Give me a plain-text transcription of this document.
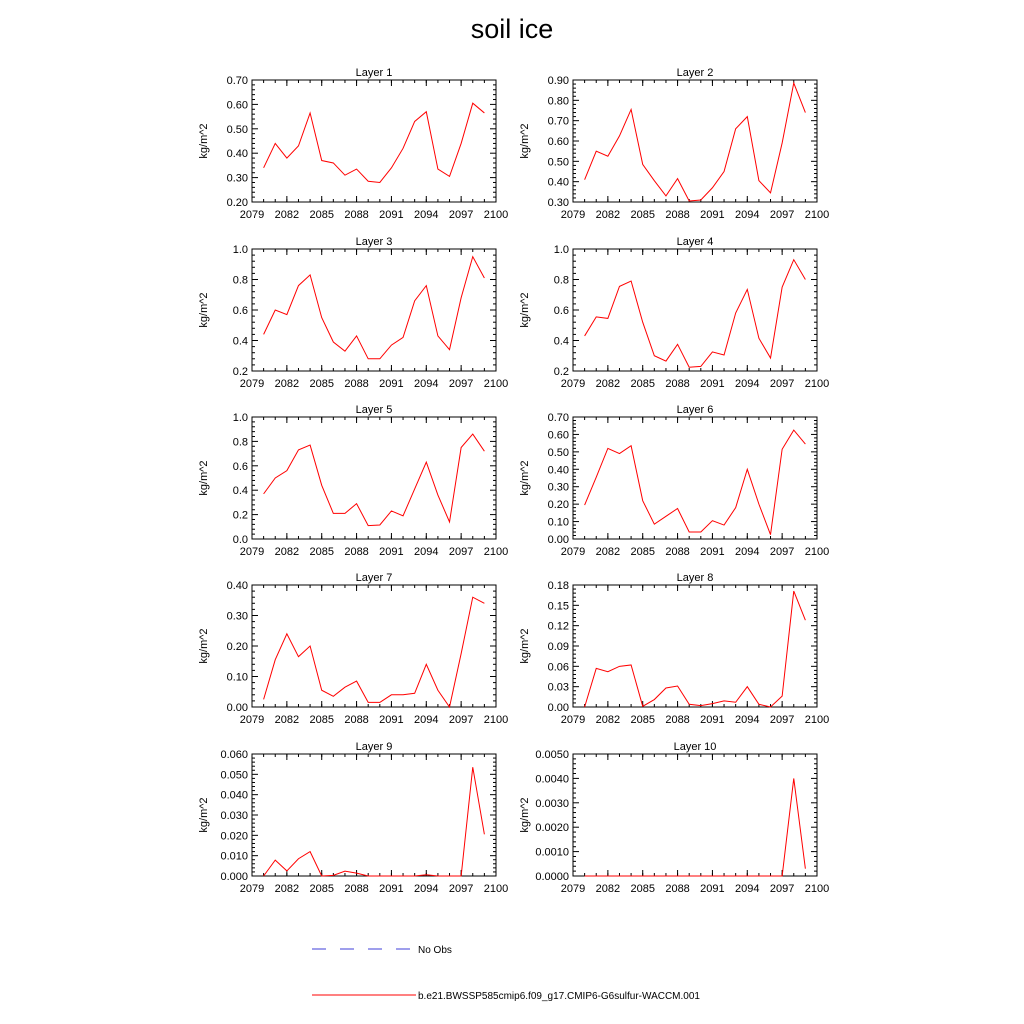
soil ice
Layer 1
kg/m^2
2079 2082 2085 2088 2091 2094 2097 2100
0.20
0.30
0.40
0.50
0.60
0.70
Layer 2
kg/m^2
2079 2082 2085 2088 2091 2094 2097 2100
0.30
0.40
0.50
0.60
0.70
0.80
0.90
Layer 3
kg/m^2
2079 2082 2085 2088 2091 2094 2097 2100
0.2
0.4
0.6
0.8
1.0
Layer 4
kg/m^2
2079 2082 2085 2088 2091 2094 2097 2100
0.2
0.4
0.6
0.8
1.0
Layer 5
kg/m^2
2079 2082 2085 2088 2091 2094 2097 2100
0.0
0.2
0.4
0.6
0.8
1.0
Layer 6
kg/m^2
2079 2082 2085 2088 2091 2094 2097 2100
0.00
0.10
0.20
0.30
0.40
0.50
0.60
0.70
Layer 7
kg/m^2
2079 2082 2085 2088 2091 2094 2097 2100
0.00
0.10
0.20
0.30
0.40
Layer 8
kg/m^2
2079 2082 2085 2088 2091 2094 2097 2100
0.00
0.03
0.06
0.09
0.12
0.15
0.18
Layer 9
kg/m^2
2079 2082 2085 2088 2091 2094 2097 2100
0.000
0.010
0.020
0.030
0.040
0.050
0.060
Layer 10
kg/m^2
2079 2082 2085 2088 2091 2094 2097 2100
0.0000
0.0010
0.0020
0.0030
0.0040
0.0050
No Obs
b.e21.BWSSP585cmip6.f09_g17.CMIP6-G6sulfur-WACCM.001
